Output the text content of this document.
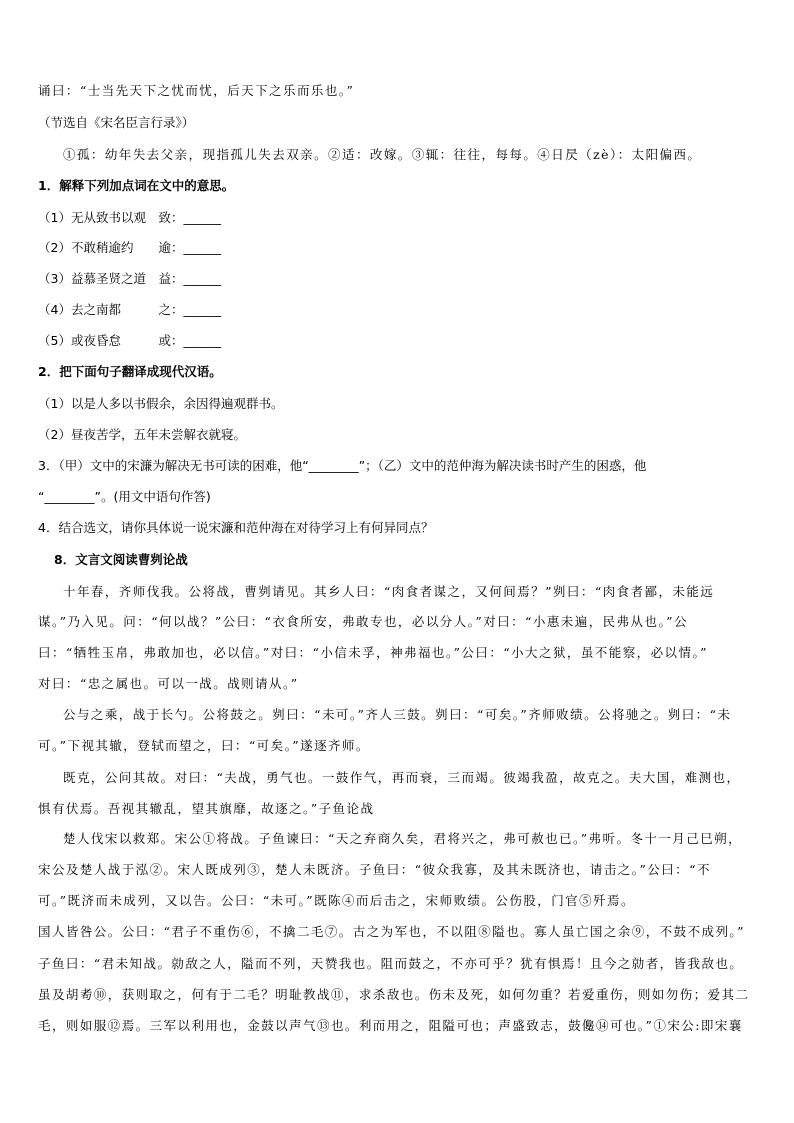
诵曰：“士当先天下之忧而忧，后天下之乐而乐也。”
（节选自《宋名臣言行录》）
①孤：幼年失去父亲，现指孤儿失去双亲。②适：改嫁。③辄：往往，每每。④日昃（zè）：太阳偏西。
1．解释下列加点词在文中的意思。
（1）无从致书以观　致：______
（2）不敢稍逾约　　逾：______
（3）益慕圣贤之道　益：______
（4）去之南都　　　之：______
（5）或夜昏怠　　　或：______
2．把下面句子翻译成现代汉语。
（1）以是人多以书假余，余因得遍观群书。
（2）昼夜苦学，五年未尝解衣就寝。
3．（甲）文中的宋濂为解决无书可读的困难，他“________”；（乙）文中的范仲海为解决读书时产生的困惑，他
“________”。(用文中语句作答)
4．结合选文，请你具体说一说宋濂和范仲海在对待学习上有何异同点？
8．文言文阅读曹刿论战
十年春，齐师伐我。公将战，曹刿请见。其乡人曰：“肉食者谋之，又何间焉？”刿曰：“肉食者鄙，未能远
谋。”乃入见。问：“何以战？”公曰：“衣食所安，弗敢专也，必以分人。”对曰：“小惠未遍，民弗从也。”公
曰：“牺牲玉帛，弗敢加也，必以信。”对曰：“小信未孚，神弗福也。”公曰：“小大之狱，虽不能察，必以情。”
对曰：“忠之属也。可以一战。战则请从。”
公与之乘，战于长勺。公将鼓之。刿曰：“未可。”齐人三鼓。刿曰：“可矣。”齐师败绩。公将驰之。刿曰：“未
可。”下视其辙，登轼而望之，曰：“可矣。”遂逐齐师。
既克，公问其故。对曰：“夫战，勇气也。一鼓作气，再而衰，三而竭。彼竭我盈，故克之。夫大国，难测也，
惧有伏焉。吾视其辙乱，望其旗靡，故逐之。”子鱼论战
楚人伐宋以救郑。宋公①将战。子鱼谏曰：“天之弃商久矣，君将兴之，弗可赦也已。”弗听。冬十一月己巳朔，
宋公及楚人战于泓②。宋人既成列③，楚人未既济。子鱼曰：“彼众我寡，及其未既济也，请击之。”公曰：“不
可。”既济而未成列，又以告。公曰：“未可。”既陈④而后击之，宋师败绩。公伤股，门官⑤歼焉。
国人皆咎公。公曰：“君子不重伤⑥，不擒二毛⑦。古之为军也，不以阻⑧隘也。寡人虽亡国之余⑨，不鼓不成列。”
子鱼曰：“君未知战。勍敌之人，隘而不列，天赞我也。阻而鼓之，不亦可乎？犹有惧焉！且今之勍者，皆我敌也。
虽及胡耇⑩，获则取之，何有于二毛？明耻教战⑪，求杀敌也。伤未及死，如何勿重？若爱重伤，则如勿伤；爱其二
毛，则如服⑫焉。三军以利用也，金鼓以声气⑬也。利而用之，阻隘可也；声盛致志，鼓儳⑭可也。”①宋公:即宋襄
